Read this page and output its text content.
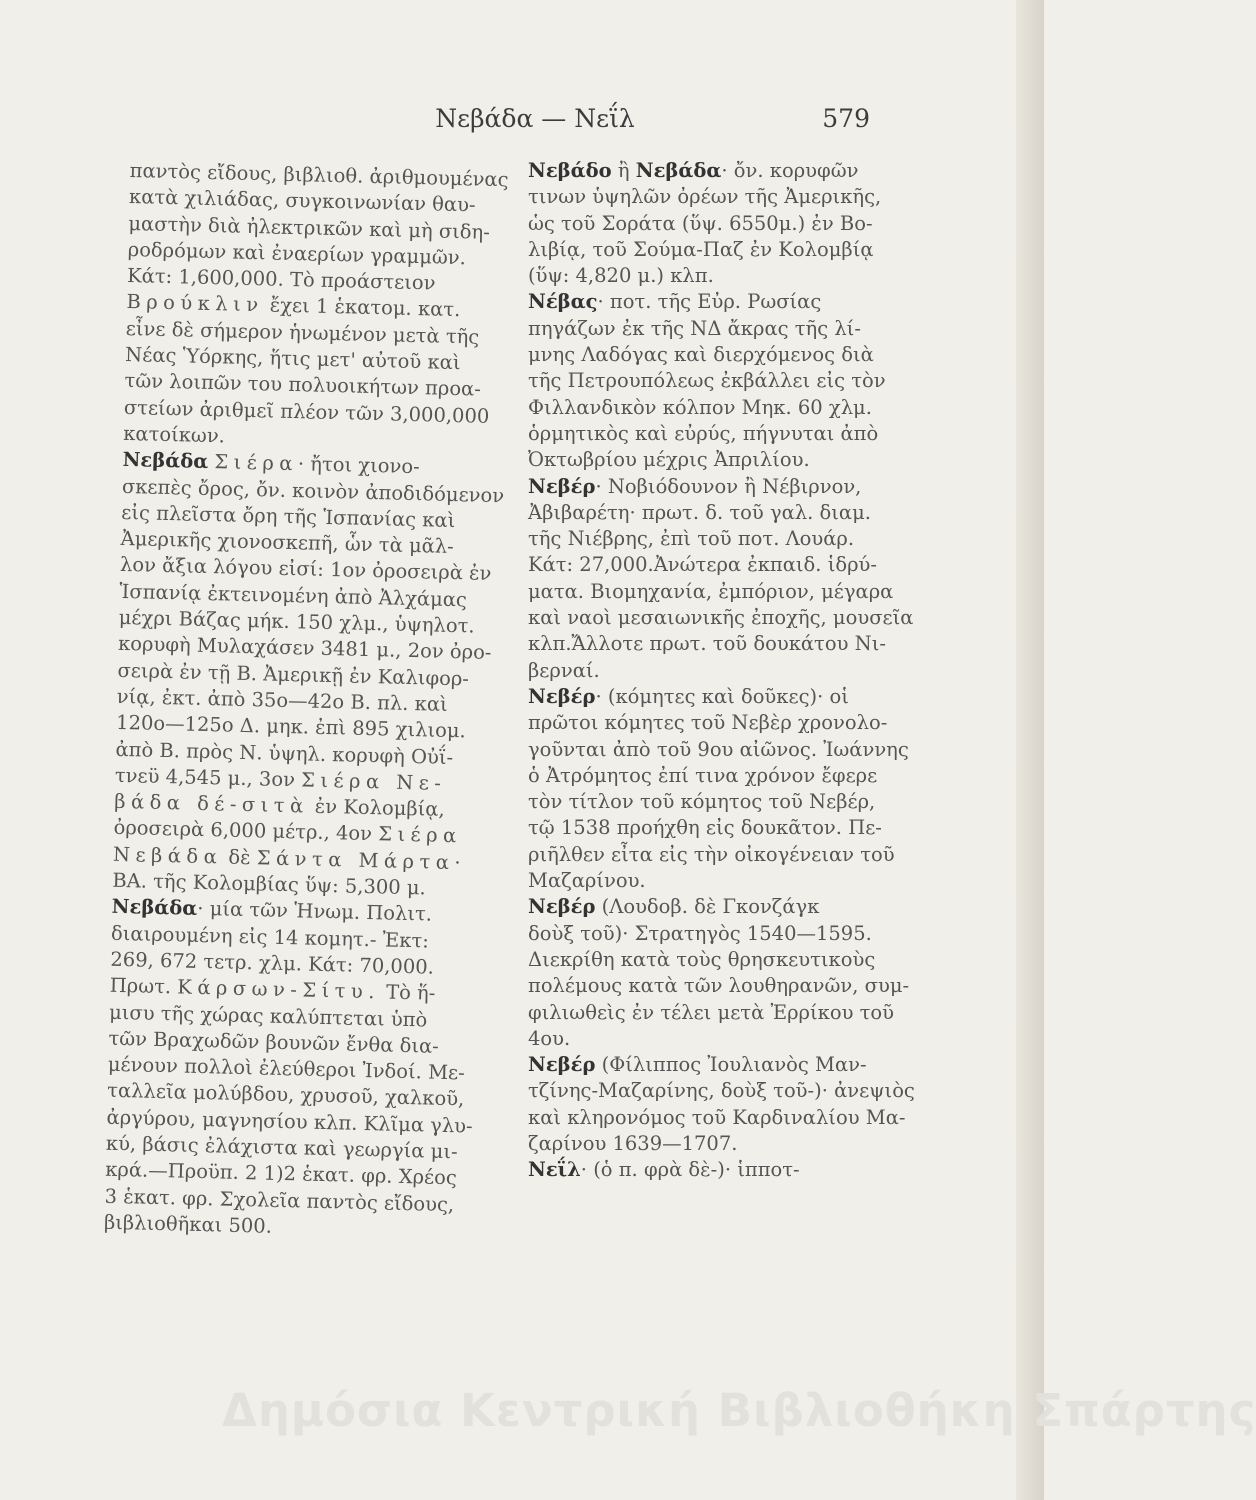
Νεβάδα — Νεΐλ	579
παντὸς εἴδους, βιβλιοθ. ἀριθμουμένας
κατὰ χιλιάδας, συγκοινωνίαν θαυ-
μαστὴν διὰ ἠλεκτρικῶν καὶ μὴ σιδη-
ροδρόμων καὶ ἐναερίων γραμμῶν.
Κάτ: 1,600,000. Τὸ προάστειον
Βρούκλιν ἔχει 1 ἑκατομ. κατ.
εἶνε δὲ σήμερον ἡνωμένον μετὰ τῆς
Νέας Ὑόρκης, ἥτις μετ' αὐτοῦ καὶ
τῶν λοιπῶν του πολυοικήτων προα-
στείων ἀριθμεῖ πλέον τῶν 3,000,000
κατοίκων.
Νεβάδα Σιέρα· ἤτοι χιονο-
σκεπὲς ὄρος, ὄν. κοινὸν ἀποδιδόμενον
εἰς πλεῖστα ὄρη τῆς Ἱσπανίας καὶ
Ἀμερικῆς χιονοσκεπῆ, ὧν τὰ μᾶλ-
λον ἄξια λόγου εἰσί: 1ον ὀροσειρὰ ἐν
Ἱσπανίᾳ ἐκτεινομένη ἀπὸ Ἀλχάμας
μέχρι Βάζας μήκ. 150 χλμ., ὑψηλοτ.
κορυφὴ Μυλαχάσεν 3481 μ., 2ον ὀρο-
σειρὰ ἐν τῇ Β. Ἀμερικῇ ἐν Καλιφορ-
νίᾳ, ἐκτ. ἀπὸ 35ο—42ο Β. πλ. καὶ
120ο—125ο Δ. μηκ. ἐπὶ 895 χιλιομ.
ἀπὸ Β. πρὸς Ν. ὑψηλ. κορυφὴ Οὐΐ-
τνεϋ 4,545 μ., 3ον Σιέρα Νε-
βάδα δέ-σιτὰ ἐν Κολομβίᾳ,
ὀροσειρὰ 6,000 μέτρ., 4ον Σιέρα
Νεβάδα δὲ Σάντα Μάρτα·
ΒΑ. τῆς Κολομβίας ὕψ: 5,300 μ.
Νεβάδα· μία τῶν Ἡνωμ. Πολιτ.
διαιρουμένη εἰς 14 κομητ.- Ἐκτ:
269, 672 τετρ. χλμ. Κάτ: 70,000.
Πρωτ. Κάρσων-Σίτυ. Τὸ ἥ-
μισυ τῆς χώρας καλύπτεται ὑπὸ
τῶν Βραχωδῶν βουνῶν ἔνθα δια-
μένουν πολλοὶ ἐλεύθεροι Ἰνδοί. Με-
ταλλεῖα μολύβδου, χρυσοῦ, χαλκοῦ,
ἀργύρου, μαγνησίου κλπ. Κλῖμα γλυ-
κύ, βάσις ἐλάχιστα καὶ γεωργία μι-
κρά.—Προϋπ. 2 1)2 ἑκατ. φρ. Χρέος
3 ἑκατ. φρ. Σχολεῖα παντὸς εἴδους,
βιβλιοθῆκαι 500.
Νεβάδο ἢ Νεβάδα· ὄν. κορυφῶν
τινων ὑψηλῶν ὀρέων τῆς Ἀμερικῆς,
ὡς τοῦ Σοράτα (ὕψ. 6550μ.) ἐν Βο-
λιβίᾳ, τοῦ Σούμα-Παζ ἐν Κολομβίᾳ
(ὕψ: 4,820 μ.) κλπ.
Νέβας· ποτ. τῆς Εὐρ. Ρωσίας
πηγάζων ἐκ τῆς ΝΔ ἄκρας τῆς λί-
μνης Λαδόγας καὶ διερχόμενος διὰ
τῆς Πετρουπόλεως ἐκβάλλει εἰς τὸν
Φιλλανδικὸν κόλπον Μηκ. 60 χλμ.
ὁρμητικὸς καὶ εὐρύς, πήγνυται ἀπὸ
Ὀκτωβρίου μέχρις Ἀπριλίου.
Νεβέρ· Νοβιόδουνον ἢ Νέβιρνον,
Ἀβιβαρέτη· πρωτ. δ. τοῦ γαλ. διαμ.
τῆς Νιέβρης, ἐπὶ τοῦ ποτ. Λουάρ.
Κάτ: 27,000.Ἀνώτερα ἐκπαιδ. ἱδρύ-
ματα. Βιομηχανία, ἐμπόριον, μέγαρα
καὶ ναοὶ μεσαιωνικῆς ἐποχῆς, μουσεῖα
κλπ.Ἄλλοτε πρωτ. τοῦ δουκάτου Νι-
βερναί.
Νεβέρ· (κόμητες καὶ δοῦκες)· οἱ
πρῶτοι κόμητες τοῦ Νεβὲρ χρονολο-
γοῦνται ἀπὸ τοῦ 9ου αἰῶνος. Ἰωάννης
ὁ Ἀτρόμητος ἐπί τινα χρόνον ἔφερε
τὸν τίτλον τοῦ κόμητος τοῦ Νεβέρ,
τῷ 1538 προήχθη εἰς δουκᾶτον. Πε-
ριῆλθεν εἶτα εἰς τὴν οἰκογένειαν τοῦ
Μαζαρίνου.
Νεβέρ (Λουδοβ. δὲ Γκονζάγκ
δοὺξ τοῦ)· Στρατηγὸς 1540—1595.
Διεκρίθη κατὰ τοὺς θρησκευτικοὺς
πολέμους κατὰ τῶν λουθηρανῶν, συμ-
φιλιωθεὶς ἐν τέλει μετὰ Ἐρρίκου τοῦ
4ου.
Νεβέρ (Φίλιππος Ἰουλιανὸς Μαν-
τζίνης-Μαζαρίνης, δοὺξ τοῦ-)· ἀνεψιὸς
καὶ κληρονόμος τοῦ Καρδιναλίου Μα-
ζαρίνου 1639—1707.
Νεΐλ· (ὁ π. φρὰ δὲ-)· ἱπποτ-
Δημόσια Κεντρική Βιβλιοθήκη Σπάρτης
